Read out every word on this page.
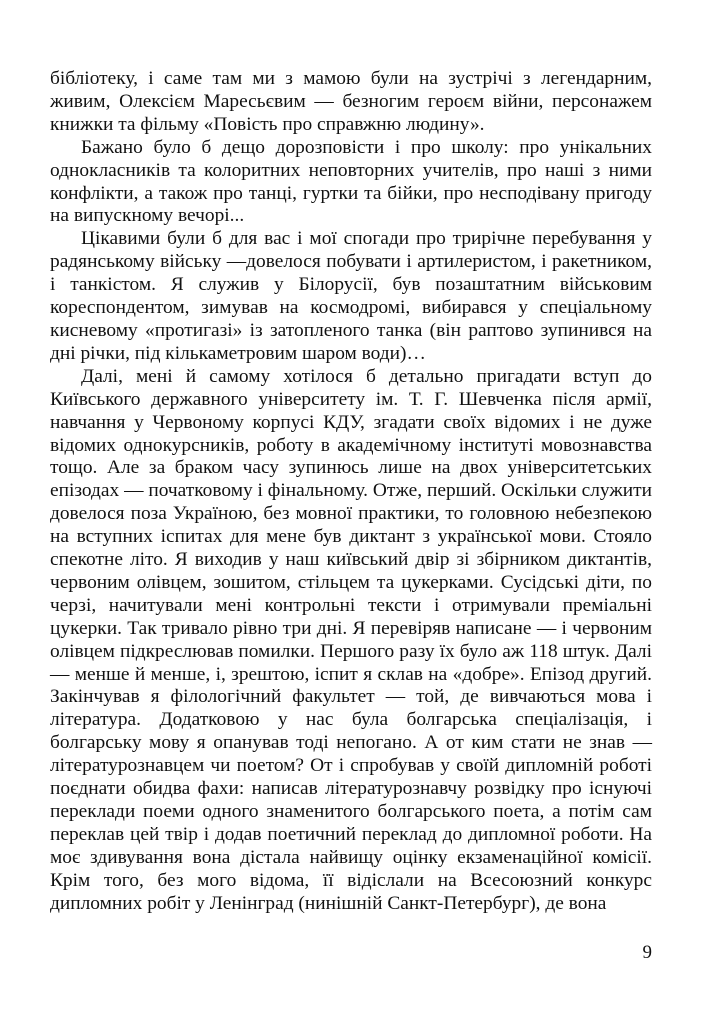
бібліотеку, і саме там ми з мамою були на зустрічі з легендарним, живим, Олексієм Маресьєвим — безногим героєм війни, персонажем книжки та фільму «Повість про справжню людину».

Бажано було б дещо дорозповісти і про школу: про унікальних однокласників та колоритних неповторних учителів, про наші з ними конфлікти, а також про танці, гуртки та бійки, про несподівану пригоду на випускному вечорі...

Цікавими були б для вас і мої спогади про трирічне перебування у радянському війську —довелося побувати і артилеристом, і ракетником, і танкістом. Я служив у Білорусії, був позаштатним військовим кореспондентом, зимував на космодромі, вибирався у спеціальному кисневому «протигазі» із затопленого танка (він раптово зупинився на дні річки, під кількаметровим шаром води)…

Далі, мені й самому хотілося б детально пригадати вступ до Київського державного університету ім. Т. Г. Шевченка після армії, навчання у Червоному корпусі КДУ, згадати своїх відомих і не дуже відомих однокурсників, роботу в академічному інституті мовознавства тощо. Але за браком часу зупинюсь лише на двох університетських епізодах — початковому і фінальному. Отже, перший. Оскільки служити довелося поза Україною, без мовної практики, то головною небезпекою на вступних іспитах для мене був диктант з української мови. Стояло спекотне літо. Я виходив у наш київський двір зі збірником диктантів, червоним олівцем, зошитом, стільцем та цукерками. Сусідські діти, по черзі, начитували мені контрольні тексти і отримували преміальні цукерки. Так тривало рівно три дні. Я перевіряв написане — і червоним олівцем підкреслював помилки. Першого разу їх було аж 118 штук. Далі — менше й менше, і, зрештою, іспит я склав на «добре». Епізод другий. Закінчував я філологічний факультет — той, де вивчаються мова і література. Додатковою у нас була болгарська спеціалізація, і болгарську мову я опанував тоді непогано. А от ким стати не знав — літературознавцем чи поетом? От і спробував у своїй дипломній роботі поєднати обидва фахи: написав літературознавчу розвідку про існуючі переклади поеми одного знаменитого болгарського поета, а потім сам переклав цей твір і додав поетичний переклад до дипломної роботи. На моє здивування вона дістала найвищу оцінку екзаменаційної комісії. Крім того, без мого відома, її відіслали на Всесоюзний конкурс дипломних робіт у Ленінград (нинішній Санкт-Петербург), де вона

9
